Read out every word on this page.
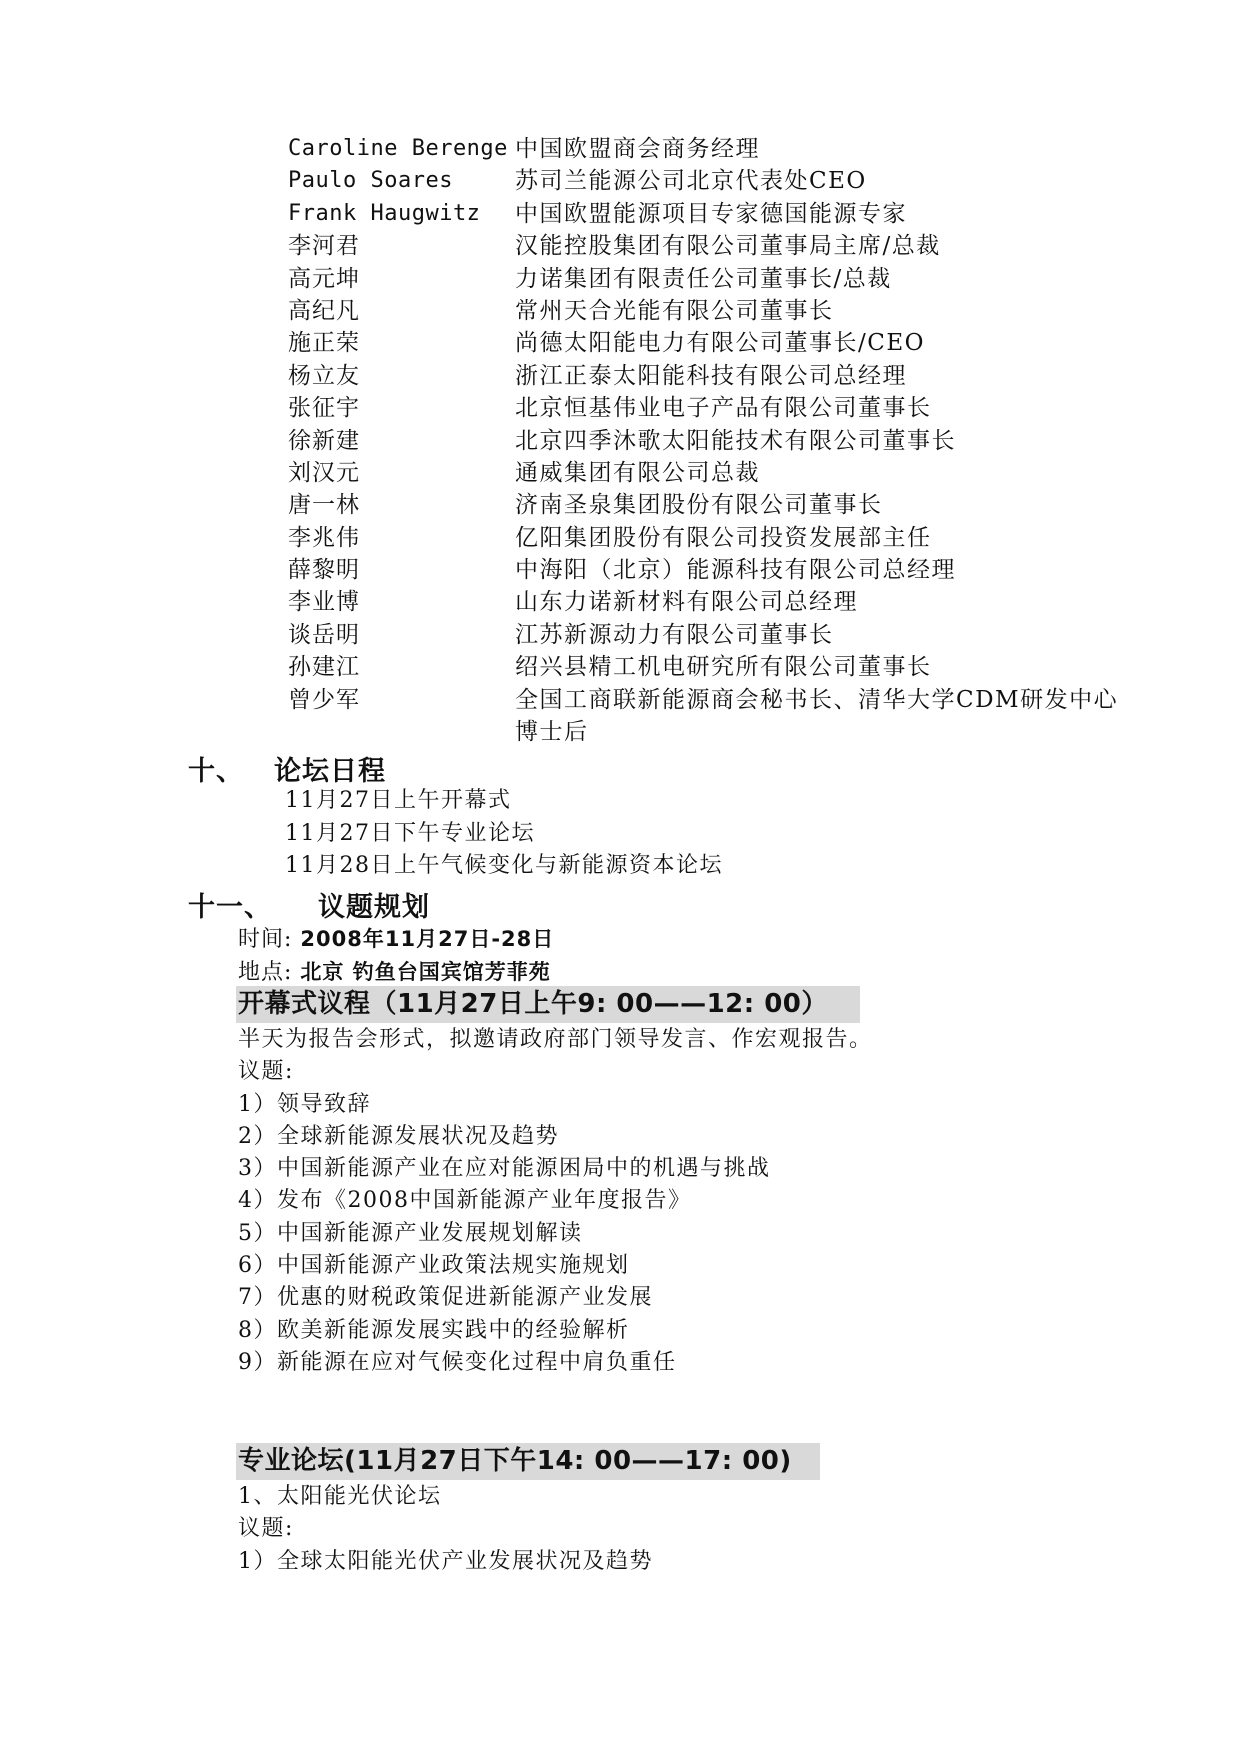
Caroline Berenge 中国欧盟商会商务经理
Paulo Soares	苏司兰能源公司北京代表处CEO
Frank Haugwitz	中国欧盟能源项目专家德国能源专家
李河君	汉能控股集团有限公司董事局主席/总裁
高元坤	力诺集团有限责任公司董事长/总裁
高纪凡	常州天合光能有限公司董事长
施正荣	尚德太阳能电力有限公司董事长/CEO
杨立友	浙江正泰太阳能科技有限公司总经理
张征宇	北京恒基伟业电子产品有限公司董事长
徐新建	北京四季沐歌太阳能技术有限公司董事长
刘汉元	通威集团有限公司总裁
唐一林	济南圣泉集团股份有限公司董事长
李兆伟	亿阳集团股份有限公司投资发展部主任
薛黎明	中海阳（北京）能源科技有限公司总经理
李业博	山东力诺新材料有限公司总经理
谈岳明	江苏新源动力有限公司董事长
孙建江	绍兴县精工机电研究所有限公司董事长
曾少军	全国工商联新能源商会秘书长、清华大学CDM研发中心博士后
十、 论坛日程
11月27日上午开幕式
11月27日下午专业论坛
11月28日上午气候变化与新能源资本论坛
十一、 议题规划
时间: 2008年11月27日-28日
地点: 北京 钓鱼台国宾馆芳菲苑
开幕式议程（11月27日上午9: 00——12: 00）
半天为报告会形式，拟邀请政府部门领导发言、作宏观报告。
议题:
1）领导致辞
2）全球新能源发展状况及趋势
3）中国新能源产业在应对能源困局中的机遇与挑战
4）发布《2008中国新能源产业年度报告》
5）中国新能源产业发展规划解读
6）中国新能源产业政策法规实施规划
7）优惠的财税政策促进新能源产业发展
8）欧美新能源发展实践中的经验解析
9）新能源在应对气候变化过程中肩负重任
专业论坛(11月27日下午14: 00——17: 00)
1、太阳能光伏论坛
议题:
1）全球太阳能光伏产业发展状况及趋势
